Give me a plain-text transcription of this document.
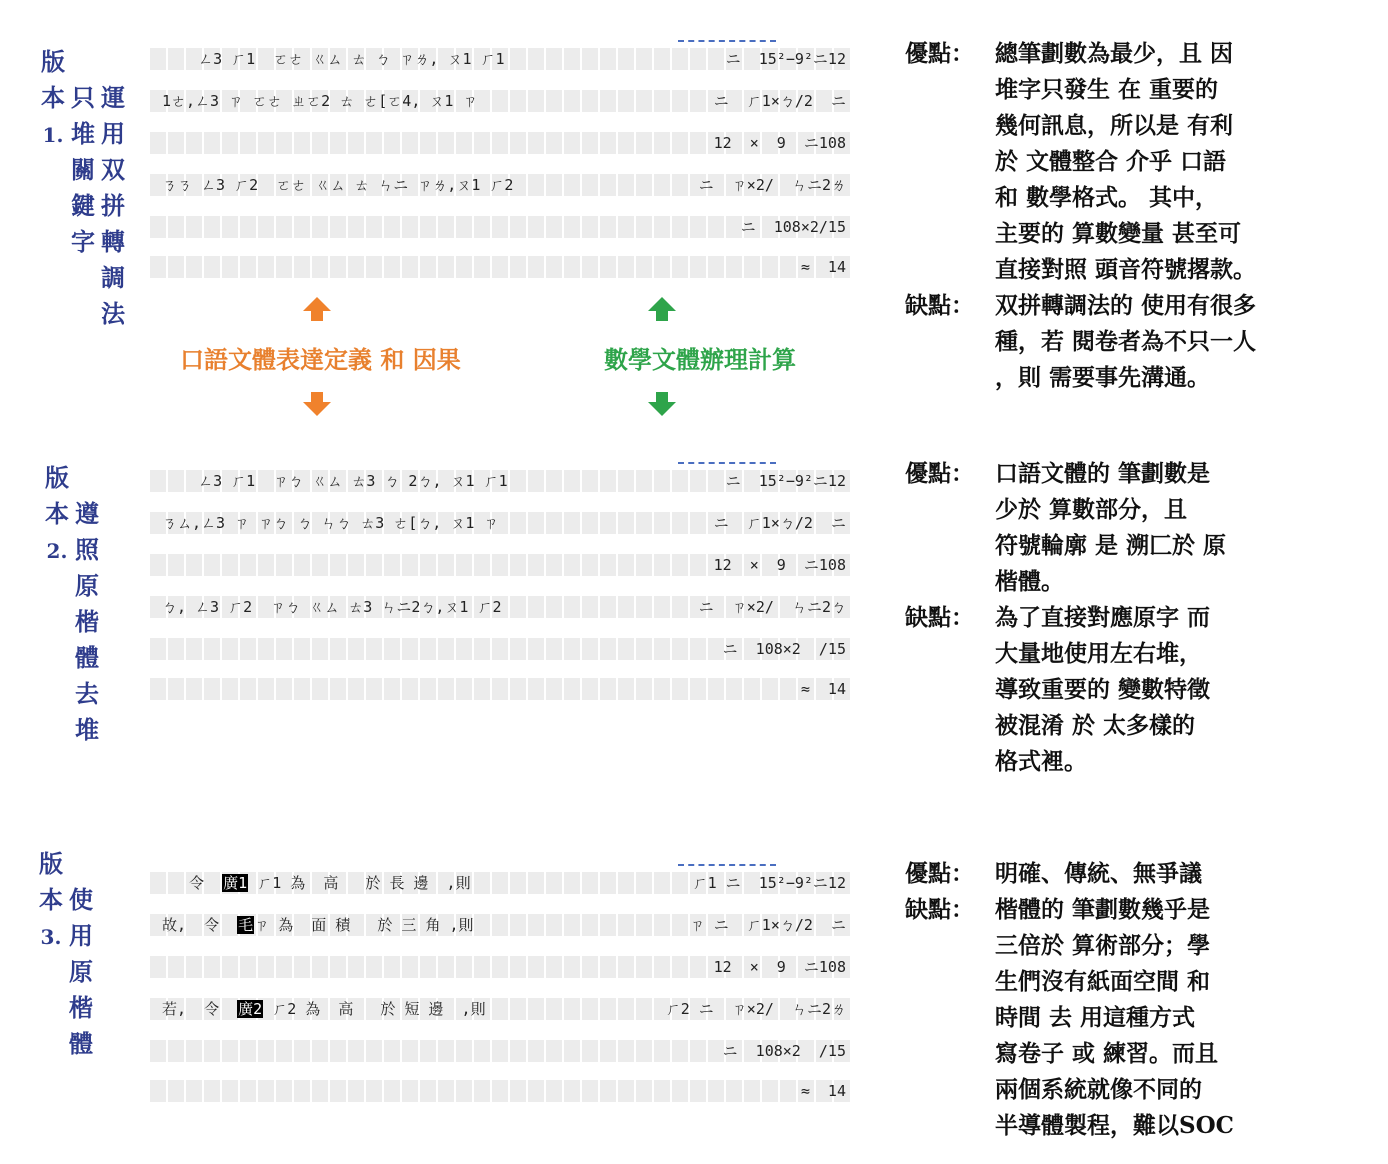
版
本
1.

只
堆
關
鍵
字
運
用
双
拼
轉
調
法
版
本
2.
遵
照
原
楷
體
去
堆
版
本
3.
使
用
原
楷
體
ㄥ3 ㄏ1  ㄛㄜ ㄍㄙ ㄊ ㄅ ㄗㄌ, ㄡ1 ㄏ1	ニ  15²−9²ニ12
1ㄜ,ㄥ3 ㄗ ㄛㄜ ㄓㄛ2 ㄊ ㄜ[ㄛ4, ㄡ1 ㄗ	ニ  ㄏ1×ㄅ/2  ニ
12  ×  9  ニ108
ㄋㄋ ㄥ3 ㄏ2  ㄛㄜ ㄍㄙ ㄊ ㄣニ ㄗㄌ,ㄡ1 ㄏ2	ニ  ㄗ×2/  ㄣニ2ㄌ
ニ  108×2/15
≈  14
口語文體表達定義 和 因果	數學文體辦理計算
ㄥ3 ㄏ1  ㄗㄅ ㄍㄙ ㄊ3 ㄅ 2ㄅ, ㄡ1 ㄏ1	ニ  15²−9²ニ12
ㄋㄙ,ㄥ3 ㄗ ㄗㄅ ㄅ ㄣㄅ ㄊ3 ㄜ[ㄅ, ㄡ1 ㄗ	ニ  ㄏ1×ㄅ/2  ニ
12  ×  9  ニ108
ㄅ, ㄥ3 ㄏ2  ㄗㄅ ㄍㄙ ㄊ3 ㄣニ2ㄅ,ㄡ1 ㄏ2	ニ  ㄗ×2/  ㄣニ2ㄅ
ニ  108×2  /15
≈  14
令  廣1 ㄏ1 為  高   於 長 邊  ,則	ㄏ1 ニ  15²−9²ニ12
故,  令  毛ㄗ 為  面 積   於 三 角 ,則	ㄗ ニ  ㄏ1×ㄅ/2  ニ
12  ×  9  ニ108
若,  令  廣2 ㄏ2 為  高   於 短 邊  ,則	ㄏ2 ニ  ㄗ×2/  ㄣニ2ㄌ
ニ  108×2  /15
≈  14
優點： 總筆劃數為最少，且 因
堆字只發生 在 重要的
幾何訊息，所以是 有利
於 文體整合 介乎 口語
和 數學格式。 其中，
主要的 算數變量 甚至可
直接對照 頭音符號撂款。
缺點： 双拼轉調法的 使用有很多
種，若 閱卷者為不只一人
，則 需要事先溝通。
優點： 口語文體的 筆劃數是
少於 算數部分，且
符號輪廓 是 溯匚於 原
楷體。
缺點： 為了直接對應原字 而
大量地使用左右堆，
導致重要的 變數特徵
被混淆 於 太多樣的
格式裡。
優點： 明確、傳統、無爭議
缺點： 楷體的 筆劃數幾乎是
三倍於 算術部分；學
生們沒有紙面空間 和
時間 去 用這種方式
寫卷子 或 練習。而且
兩個系統就像不同的
半導體製程，難以SOC
